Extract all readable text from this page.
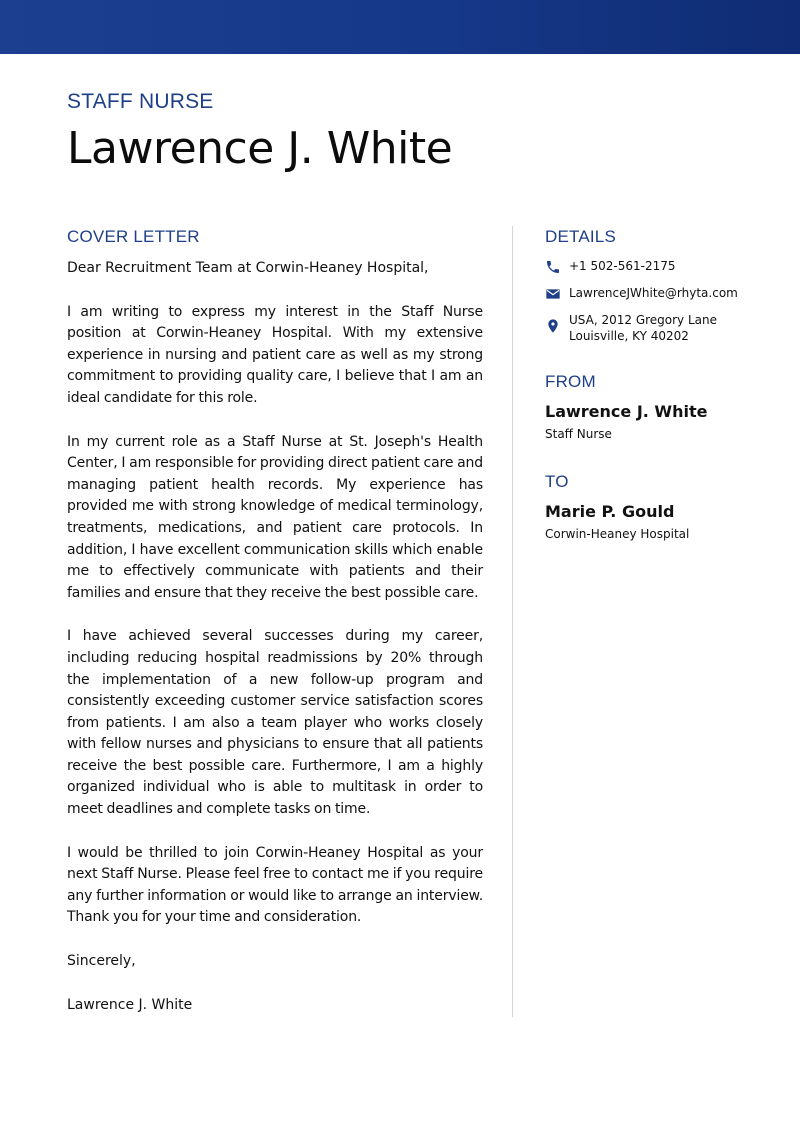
STAFF NURSE
Lawrence J. White
COVER LETTER

Dear Recruitment Team at Corwin-Heaney Hospital,

I am writing to express my interest in the Staff Nurse position at Corwin-Heaney Hospital. With my extensive experience in nursing and patient care as well as my strong commitment to providing quality care, I believe that I am an ideal candidate for this role.

In my current role as a Staff Nurse at St. Joseph's Health Center, I am responsible for providing direct patient care and managing patient health records. My experience has provided me with strong knowledge of medical terminology, treatments, medications, and patient care protocols. In addition, I have excellent communication skills which enable me to effectively communicate with patients and their families and ensure that they receive the best possible care.

I have achieved several successes during my career, including reducing hospital readmissions by 20% through the implementation of a new follow-up program and consistently exceeding customer service satisfaction scores from patients. I am also a team player who works closely with fellow nurses and physicians to ensure that all patients receive the best possible care. Furthermore, I am a highly organized individual who is able to multitask in order to meet deadlines and complete tasks on time.

I would be thrilled to join Corwin-Heaney Hospital as your next Staff Nurse. Please feel free to contact me if you require any further information or would like to arrange an interview. Thank you for your time and consideration.

Sincerely,

Lawrence J. White

DETAILS
+1 502-561-2175
LawrenceJWhite@rhyta.com
USA, 2012 Gregory Lane
Louisville, KY 40202
FROM
Lawrence J. White
Staff Nurse
TO
Marie P. Gould
Corwin-Heaney Hospital
